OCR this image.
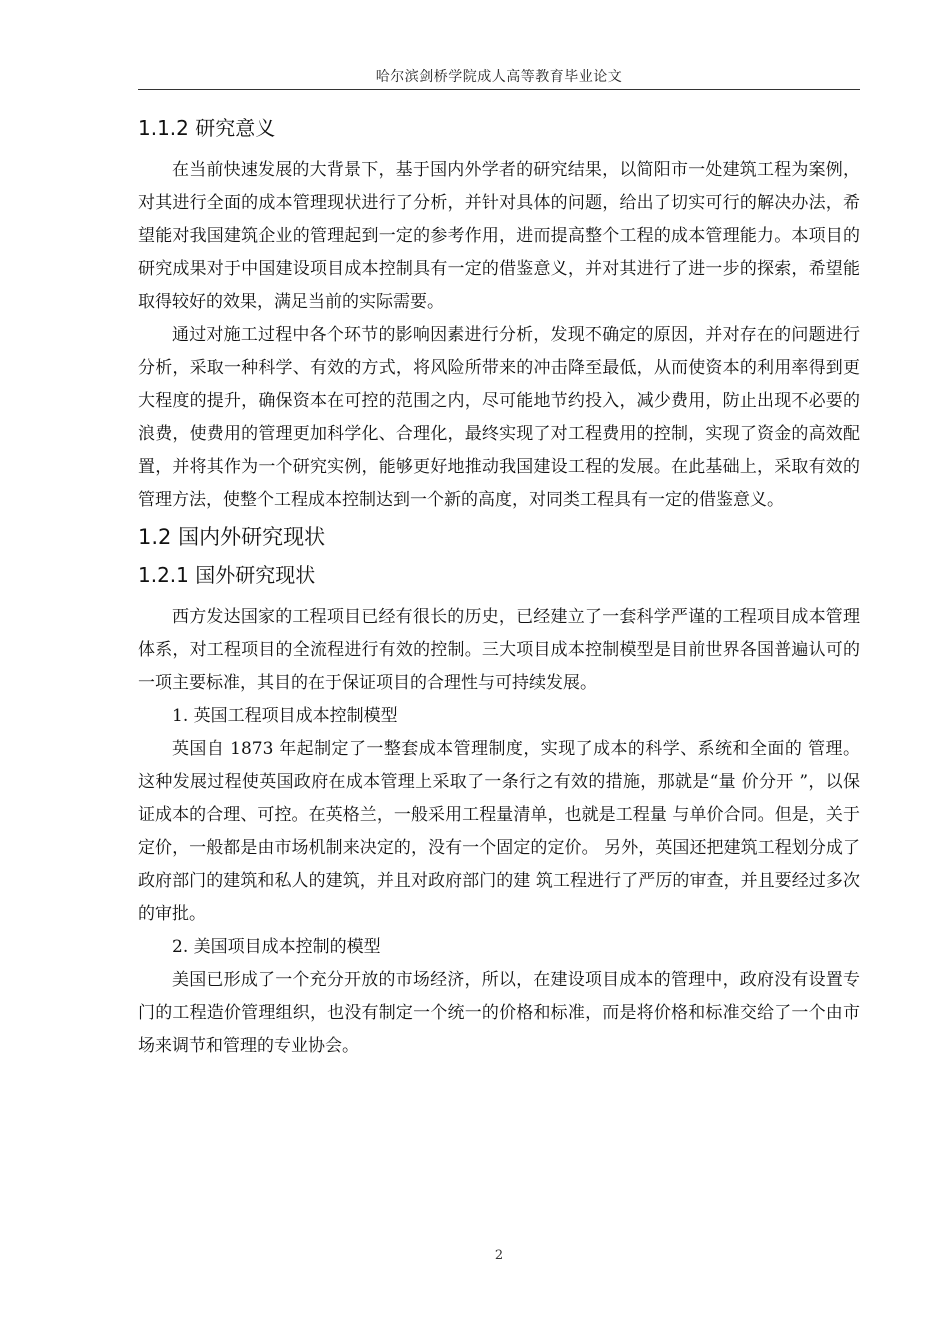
哈尔滨剑桥学院成人高等教育毕业论文
1.1.2 研究意义

在当前快速发展的大背景下，基于国内外学者的研究结果，以简阳市一处建筑工程为案例，对其进行全面的成本管理现状进行了分析，并针对具体的问题，给出了切实可行的解决办法，希望能对我国建筑企业的管理起到一定的参考作用，进而提高整个工程的成本管理能力。本项目的研究成果对于中国建设项目成本控制具有一定的借鉴意义，并对其进行了进一步的探索，希望能取得较好的效果，满足当前的实际需要。

通过对施工过程中各个环节的影响因素进行分析，发现不确定的原因，并对存在的问题进行分析，采取一种科学、有效的方式，将风险所带来的冲击降至最低，从而使资本的利用率得到更大程度的提升，确保资本在可控的范围之内，尽可能地节约投入，减少费用，防止出现不必要的浪费，使费用的管理更加科学化、合理化，最终实现了对工程费用的控制，实现了资金的高效配置，并将其作为一个研究实例，能够更好地推动我国建设工程的发展。在此基础上，采取有效的管理方法，使整个工程成本控制达到一个新的高度，对同类工程具有一定的借鉴意义。

1.2 国内外研究现状
1.2.1 国外研究现状

西方发达国家的工程项目已经有很长的历史，已经建立了一套科学严谨的工程项目成本管理体系，对工程项目的全流程进行有效的控制。三大项目成本控制模型是目前世界各国普遍认可的一项主要标准，其目的在于保证项目的合理性与可持续发展。

1. 英国工程项目成本控制模型

英国自 1873 年起制定了一整套成本管理制度，实现了成本的科学、系统和全面的 管理。这种发展过程使英国政府在成本管理上采取了一条行之有效的措施，那就是“量 价分开 ”，以保证成本的合理、可控。在英格兰，一般采用工程量清单，也就是工程量 与单价合同。但是，关于定价，一般都是由市场机制来决定的，没有一个固定的定价。 另外，英国还把建筑工程划分成了政府部门的建筑和私人的建筑，并且对政府部门的建 筑工程进行了严厉的审查，并且要经过多次的审批。

2. 美国项目成本控制的模型

美国已形成了一个充分开放的市场经济，所以，在建设项目成本的管理中，政府没有设置专门的工程造价管理组织，也没有制定一个统一的价格和标准，而是将价格和标准交给了一个由市场来调节和管理的专业协会。

2
